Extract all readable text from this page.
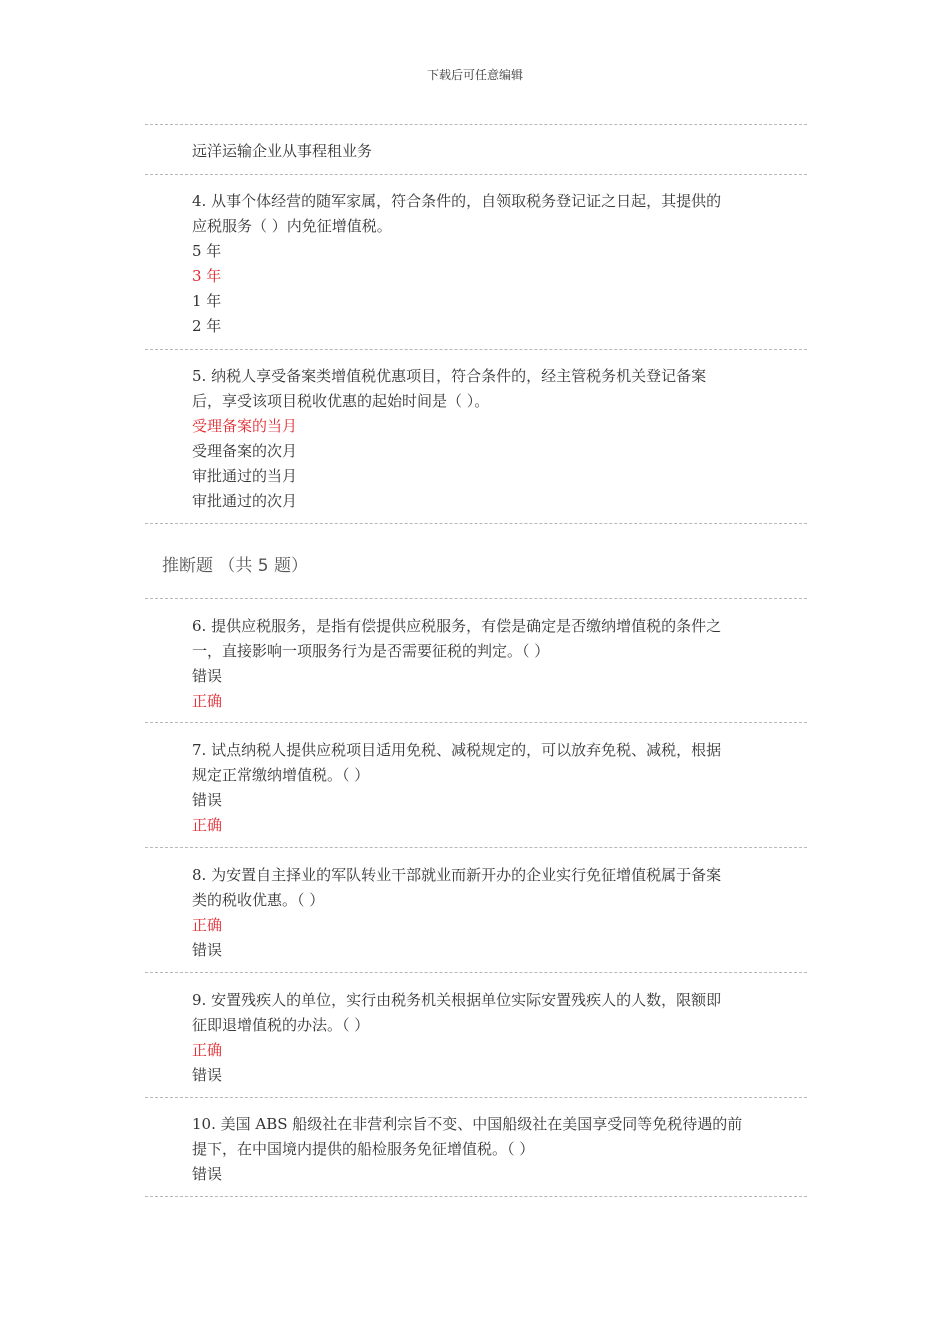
下载后可任意编辑
远洋运输企业从事程租业务
4. 从事个体经营的随军家属，符合条件的，自领取税务登记证之日起，其提供的
应税服务（ ）内免征增值税。
5 年
3 年
1 年
2 年
5. 纳税人享受备案类增值税优惠项目，符合条件的，经主管税务机关登记备案
后，享受该项目税收优惠的起始时间是（ ）。
受理备案的当月
受理备案的次月
审批通过的当月
审批通过的次月
推断题 （共 5 题）
6. 提供应税服务，是指有偿提供应税服务，有偿是确定是否缴纳增值税的条件之
一，直接影响一项服务行为是否需要征税的判定。（ ）
错误
正确
7. 试点纳税人提供应税项目适用免税、减税规定的，可以放弃免税、减税，根据
规定正常缴纳增值税。（ ）
错误
正确
8. 为安置自主择业的军队转业干部就业而新开办的企业实行免征增值税属于备案
类的税收优惠。（ ）
正确
错误
9. 安置残疾人的单位，实行由税务机关根据单位实际安置残疾人的人数，限额即
征即退增值税的办法。（ ）
正确
错误
10. 美国 ABS 船级社在非营利宗旨不变、中国船级社在美国享受同等免税待遇的前
提下，在中国境内提供的船检服务免征增值税。（ ）
错误
